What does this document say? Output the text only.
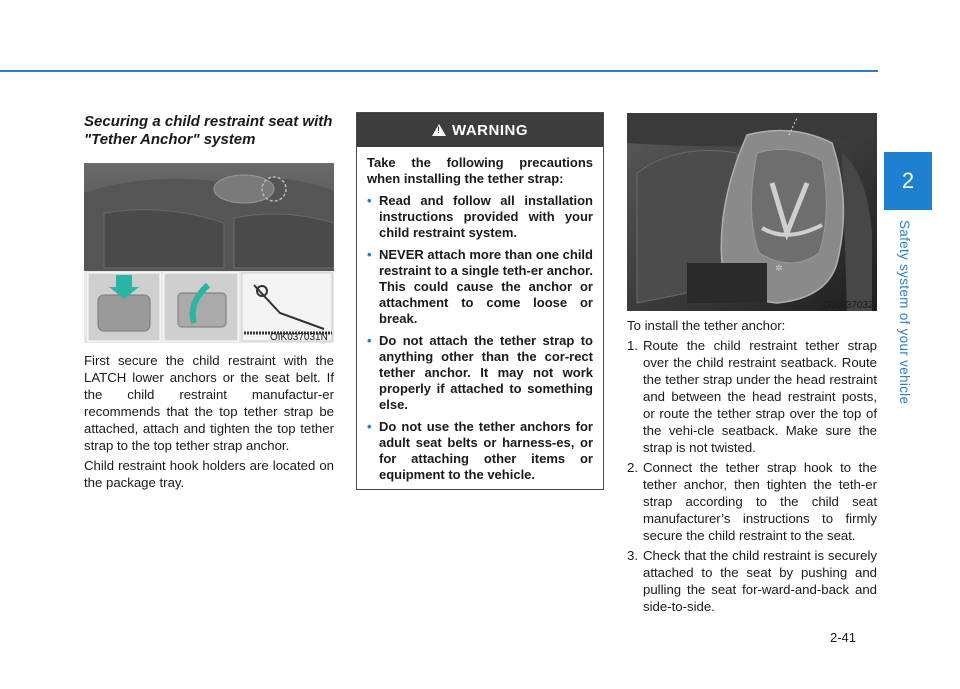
2
Safety system of your vehicle
Securing a child restraint seat with "Tether Anchor" system
OIK037031N

First secure the child restraint with the LATCH lower anchors or the seat belt. If the child restraint manufactur-er recommends that the top tether strap be attached, attach and tighten the top tether strap to the top tether strap anchor.

Child restraint hook holders are located on the package tray.

!
WARNING
Take the following precautions when installing the tether strap:
• Read and follow all installation instructions provided with your child restraint system.
• NEVER attach more than one child restraint to a single teth-er anchor. This could cause the anchor or attachment to come loose or break.
• Do not attach the tether strap to anything other than the cor-rect tether anchor. It may not work properly if attached to something else.
• Do not use the tether anchors for adult seat belts or harness-es, or for attaching other items or equipment to the vehicle.
✲
OIK037032

To install the tether anchor:

1. Route the child restraint tether strap over the child restraint seatback. Route the tether strap under the head restraint and between the head restraint posts, or route the tether strap over the top of the vehi-cle seatback. Make sure the strap is not twisted.
2. Connect the tether strap hook to the tether anchor, then tighten the teth-er strap according to the child seat manufacturer’s instructions to firmly secure the child restraint to the seat.
3. Check that the child restraint is securely attached to the seat by pushing and pulling the seat for-ward-and-back and side-to-side.
2-41
